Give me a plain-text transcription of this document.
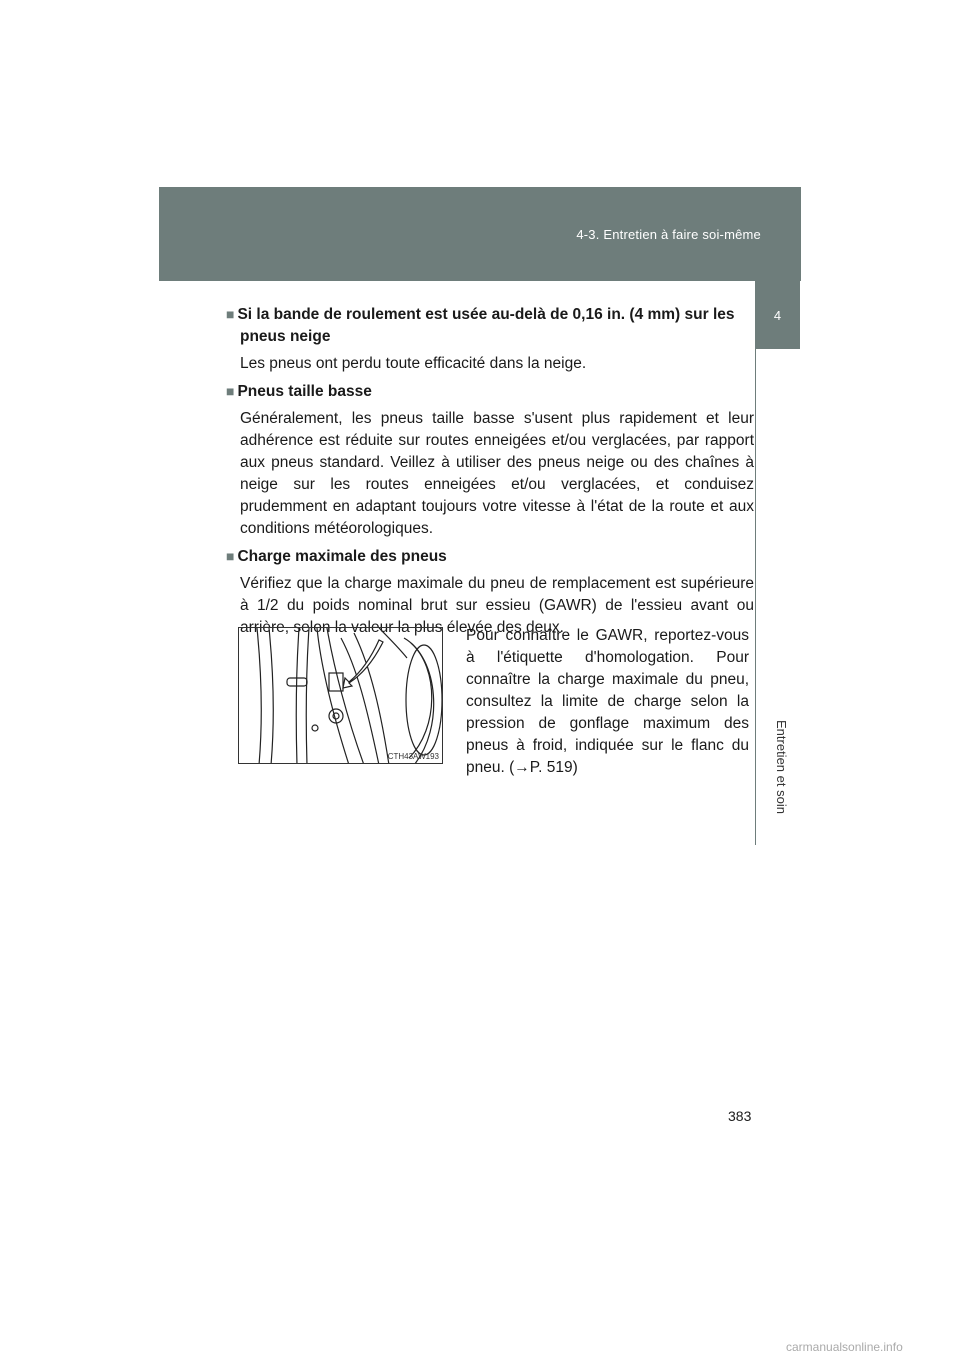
4-3. Entretien à faire soi-même
4
Entretien et soin

■ Si la bande de roulement est usée au-delà de 0,16 in. (4 mm) sur les pneus neige

Les pneus ont perdu toute efficacité dans la neige.

■ Pneus taille basse

Généralement, les pneus taille basse s'usent plus rapidement et leur adhérence est réduite sur routes enneigées et/ou verglacées, par rapport aux pneus standard. Veillez à utiliser des pneus neige ou des chaînes à neige sur les routes enneigées et/ou verglacées, et conduisez prudemment en adaptant toujours votre vitesse à l'état de la route et aux conditions météorologiques.

■ Charge maximale des pneus

Vérifiez que la charge maximale du pneu de remplacement est supérieure à 1/2 du poids nominal brut sur essieu (GAWR) de l'essieu avant ou arrière, selon la valeur la plus élevée des deux.

CTH43AW193
Pour connaître le GAWR, reportez-vous à l'étiquette d'homologation. Pour connaître la charge maximale du pneu, consultez la limite de charge selon la pression de gonflage maximum des pneus à froid, indiquée sur le flanc du pneu. (→P. 519)
383
carmanualsonline.info
